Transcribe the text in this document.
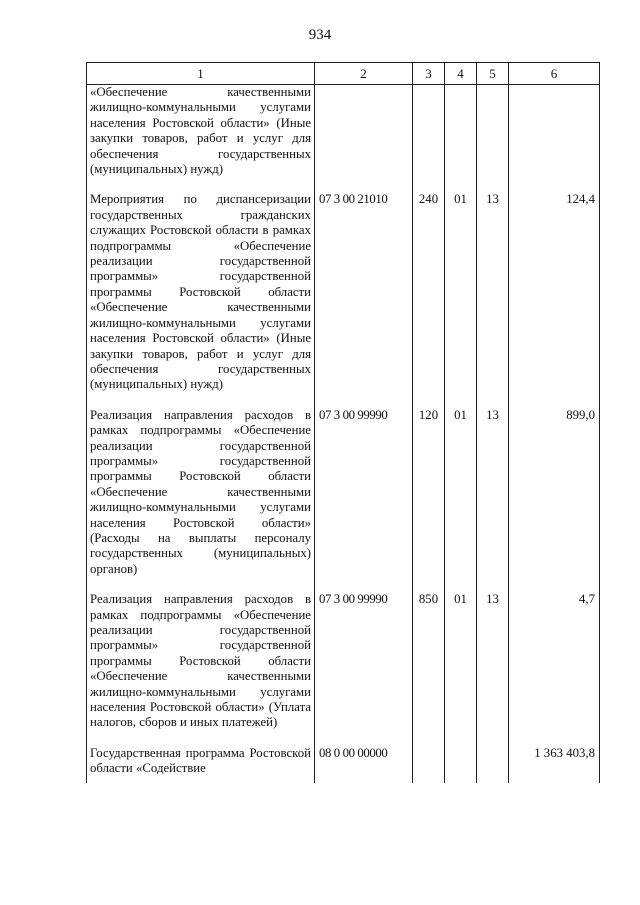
934
1	2	3	4	5	6
«Обеспечение качественными жилищно-коммунальными услугами населения Ростовской области» (Иные закупки товаров, работ и услуг для обеспечения государственных (муниципальных) нужд)					
Мероприятия по диспансеризации государственных гражданских служащих Ростовской области в рамках подпрограммы «Обеспечение реализации государственной программы» государственной программы Ростовской области «Обеспечение качественными жилищно-коммунальными услугами населения Ростовской области» (Иные закупки товаров, работ и услуг для обеспечения государственных (муниципальных) нужд)	07 3 00 21010	240	01	13	124,4
Реализация направления расходов в рамках подпрограммы «Обеспечение реализации государственной программы» государственной программы Ростовской области «Обеспечение качественными жилищно-коммунальными услугами населения Ростовской области» (Расходы на выплаты персоналу государственных (муниципальных) органов)	07 3 00 99990	120	01	13	899,0
Реализация направления расходов в рамках подпрограммы «Обеспечение реализации государственной программы» государственной программы Ростовской области «Обеспечение качественными жилищно-коммунальными услугами населения Ростовской области» (Уплата налогов, сборов и иных платежей)	07 3 00 99990	850	01	13	4,7
Государственная программа Ростовской области «Содействие	08 0 00 00000				1 363 403,8
